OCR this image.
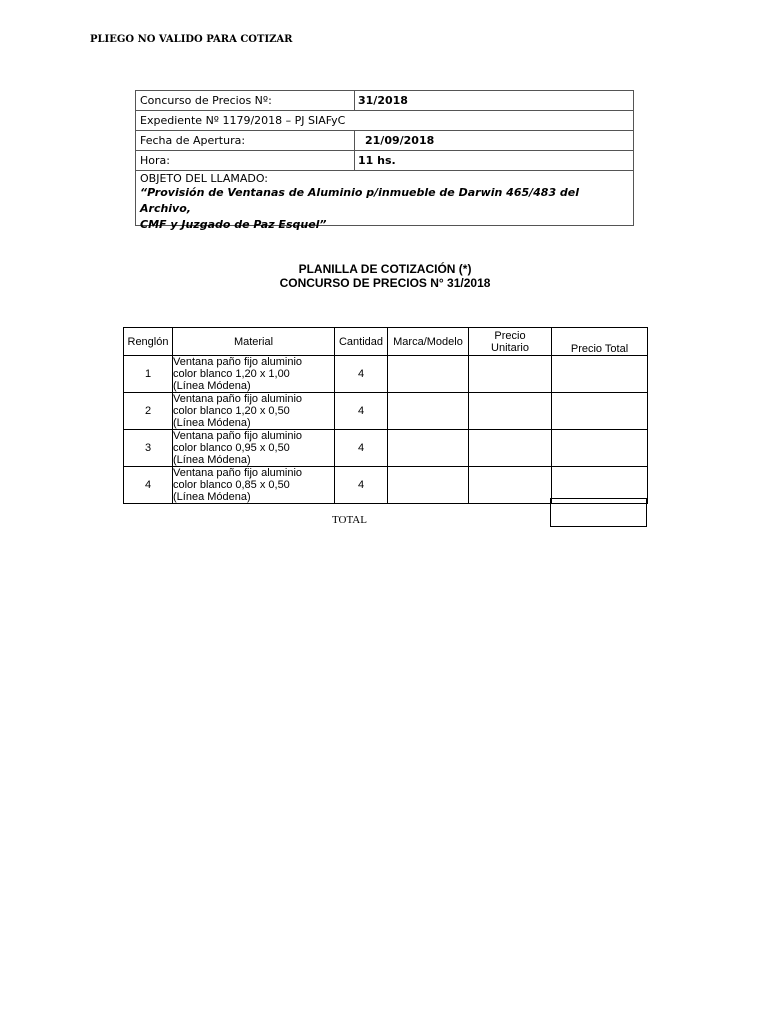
PLIEGO NO VALIDO PARA COTIZAR
Concurso de Precios Nº:	31/2018
Expediente Nº 1179/2018 – PJ SIAFyC
Fecha de Apertura:	21/09/2018
Hora:	11 hs.
OBJETO DEL LLAMADO:
“Provisión de Ventanas de Aluminio p/inmueble de Darwin 465/483 del Archivo,
CMF y Juzgado de Paz Esquel”
PLANILLA DE COTIZACIÓN (*)
CONCURSO DE PRECIOS N° 31/2018
Renglón	Material	Cantidad	Marca/Modelo	Precio
Unitario	Precio Total
1	Ventana paño fijo aluminio
color blanco 1,20 x 1,00
(Línea Módena)	4			
2	Ventana paño fijo aluminio
color blanco 1,20 x 0,50
(Línea Módena)	4			
3	Ventana paño fijo aluminio
color blanco 0,95 x 0,50
(Línea Módena)	4			
4	Ventana paño fijo aluminio
color blanco 0,85 x 0,50
(Línea Módena)	4			
TOTAL
